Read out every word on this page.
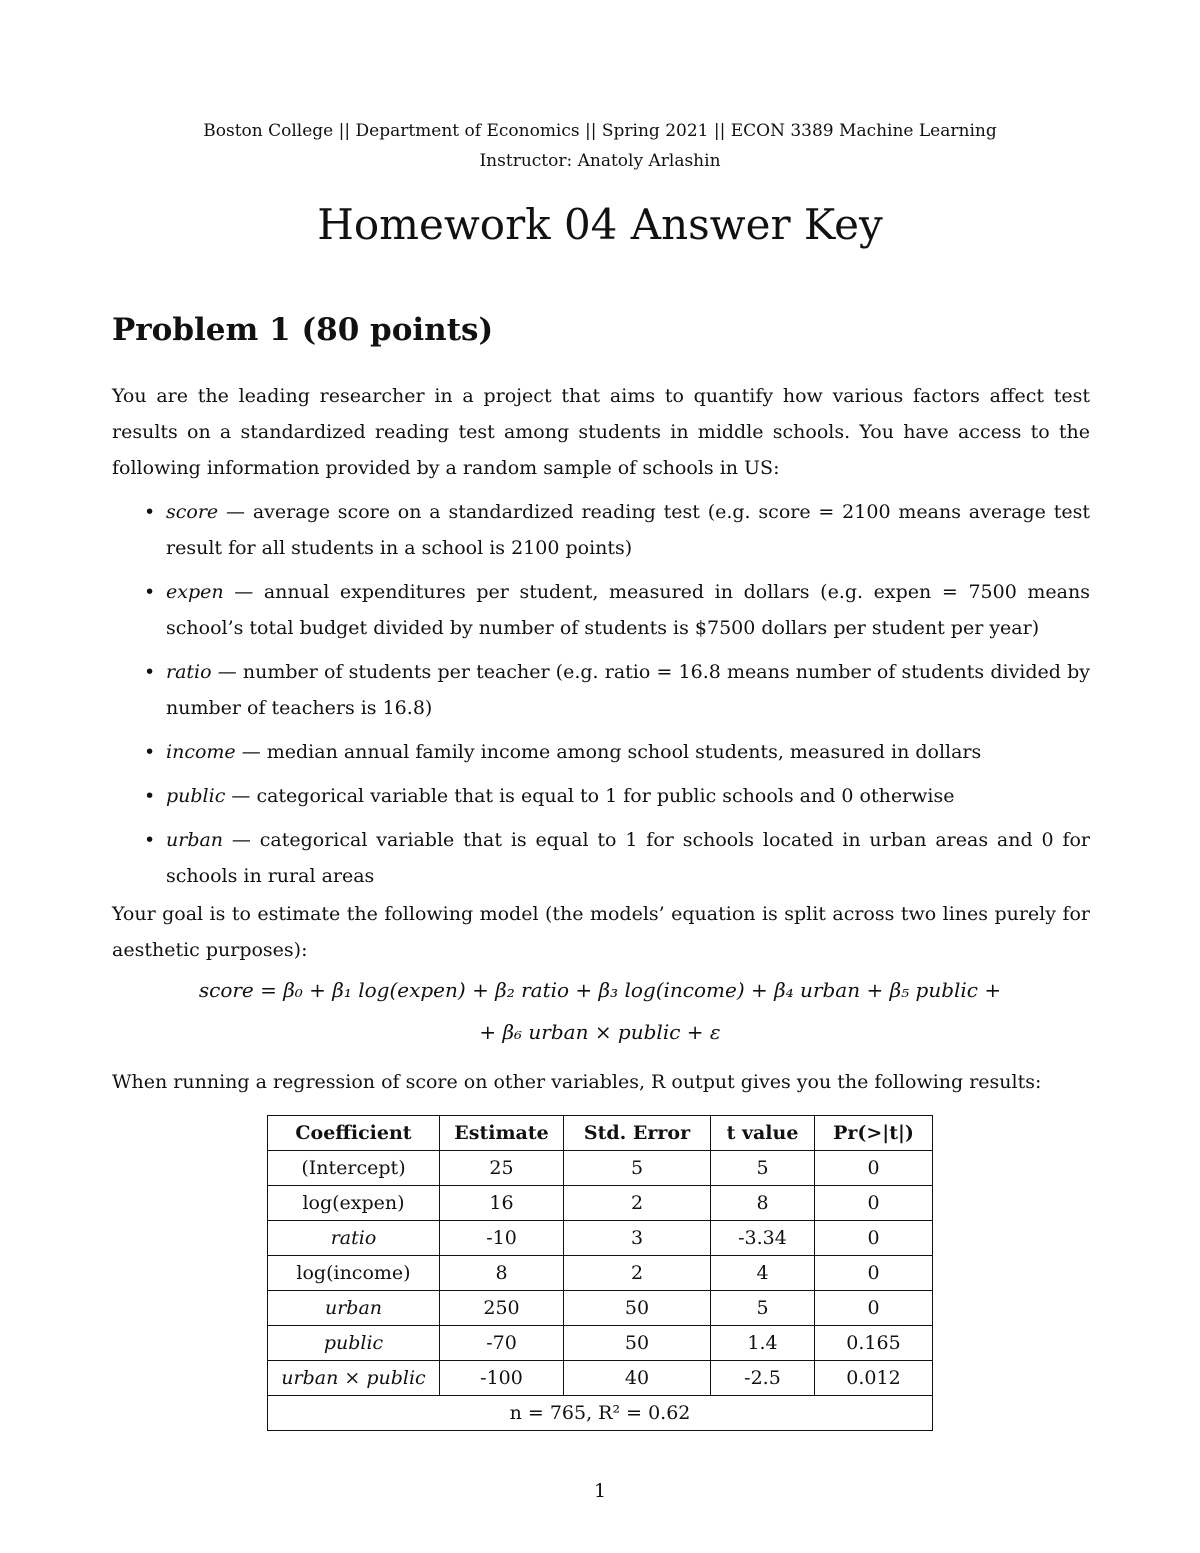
Boston College || Department of Economics || Spring 2021 || ECON 3389 Machine Learning
Instructor: Anatoly Arlashin
Homework 04 Answer Key
Problem 1 (80 points)
You are the leading researcher in a project that aims to quantify how various factors affect test results on a standardized reading test among students in middle schools. You have access to the following information provided by a random sample of schools in US:
• score — average score on a standardized reading test (e.g. score = 2100 means average test result for all students in a school is 2100 points)
• expen — annual expenditures per student, measured in dollars (e.g. expen = 7500 means school’s total budget divided by number of students is $7500 dollars per student per year)
• ratio — number of students per teacher (e.g. ratio = 16.8 means number of students divided by number of teachers is 16.8)
• income — median annual family income among school students, measured in dollars
• public — categorical variable that is equal to 1 for public schools and 0 otherwise
• urban — categorical variable that is equal to 1 for schools located in urban areas and 0 for schools in rural areas
Your goal is to estimate the following model (the models’ equation is split across two lines purely for aesthetic purposes):
score = β₀ + β₁ log(expen) + β₂ ratio + β₃ log(income) + β₄ urban + β₅ public +
+ β₆ urban × public + ε
When running a regression of score on other variables, R output gives you the following results:
Coefficient	Estimate	Std. Error	t value	Pr(>|t|)
(Intercept)	25	5	5	0
log(expen)	16	2	8	0
ratio	-10	3	-3.34	0
log(income)	8	2	4	0
urban	250	50	5	0
public	-70	50	1.4	0.165
urban × public	-100	40	-2.5	0.012
n = 765, R² = 0.62				
1
